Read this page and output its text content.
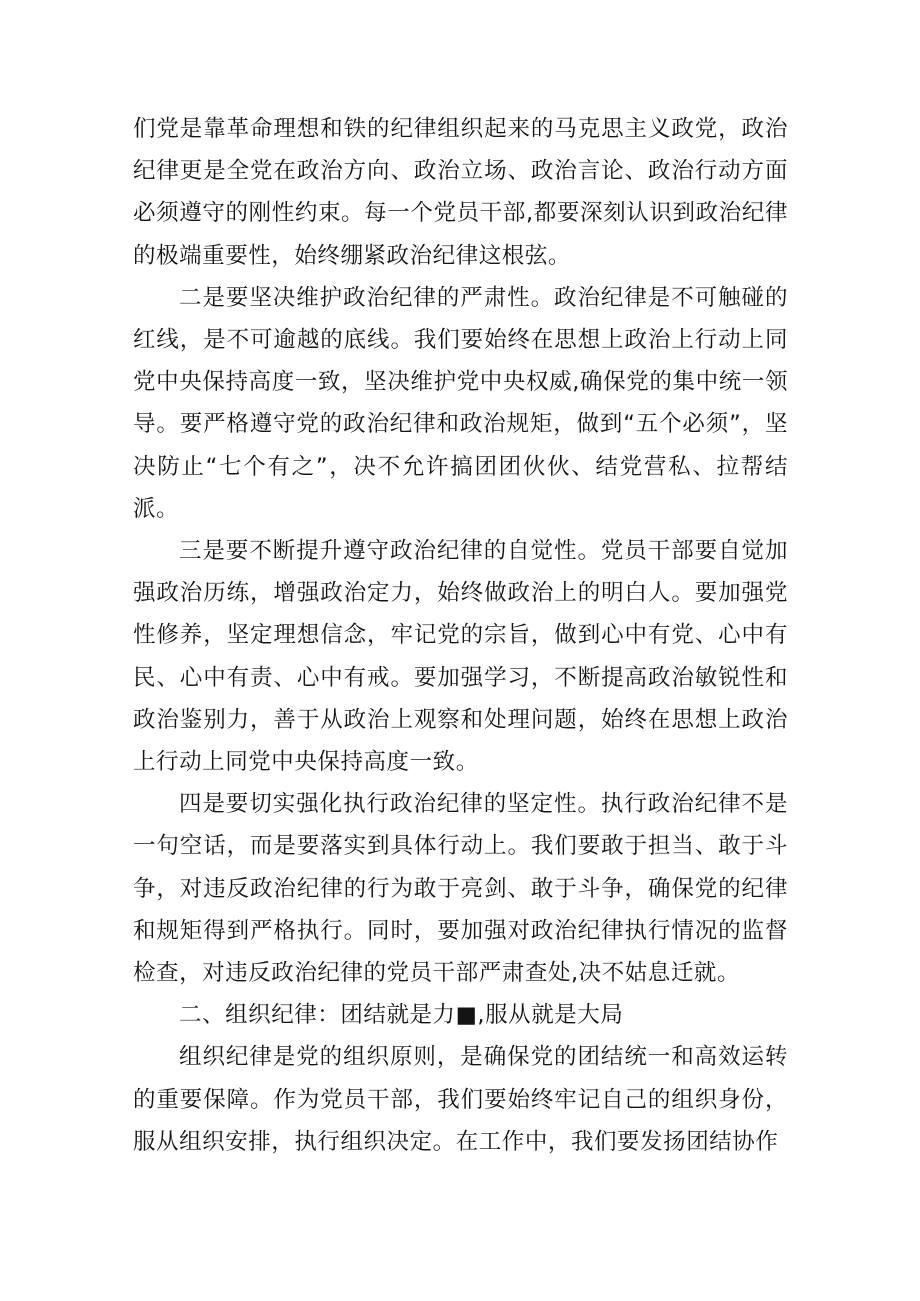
们党是靠革命理想和铁的纪律组织起来的马克思主义政党，政治纪律更是全党在政治方向、政治立场、政治言论、政治行动方面必须遵守的刚性约束。每一个党员干部,都要深刻认识到政治纪律的极端重要性，始终绷紧政治纪律这根弦。

二是要坚决维护政治纪律的严肃性。政治纪律是不可触碰的红线，是不可逾越的底线。我们要始终在思想上政治上行动上同党中央保持高度一致，坚决维护党中央权威,确保党的集中统一领导。要严格遵守党的政治纪律和政治规矩，做到“五个必须”，坚决防止“七个有之”，决不允许搞团团伙伙、结党营私、拉帮结派。

三是要不断提升遵守政治纪律的自觉性。党员干部要自觉加强政治历练，增强政治定力，始终做政治上的明白人。要加强党性修养，坚定理想信念，牢记党的宗旨，做到心中有党、心中有民、心中有责、心中有戒。要加强学习，不断提高政治敏锐性和政治鉴别力，善于从政治上观察和处理问题，始终在思想上政治上行动上同党中央保持高度一致。

四是要切实强化执行政治纪律的坚定性。执行政治纪律不是一句空话，而是要落实到具体行动上。我们要敢于担当、敢于斗争，对违反政治纪律的行为敢于亮剑、敢于斗争，确保党的纪律和规矩得到严格执行。同时，要加强对政治纪律执行情况的监督检查，对违反政治纪律的党员干部严肃查处,决不姑息迁就。

二、组织纪律：团结就是力■,服从就是大局

组织纪律是党的组织原则，是确保党的团结统一和高效运转的重要保障。作为党员干部，我们要始终牢记自己的组织身份，服从组织安排，执行组织决定。在工作中，我们要发扬团结协作
